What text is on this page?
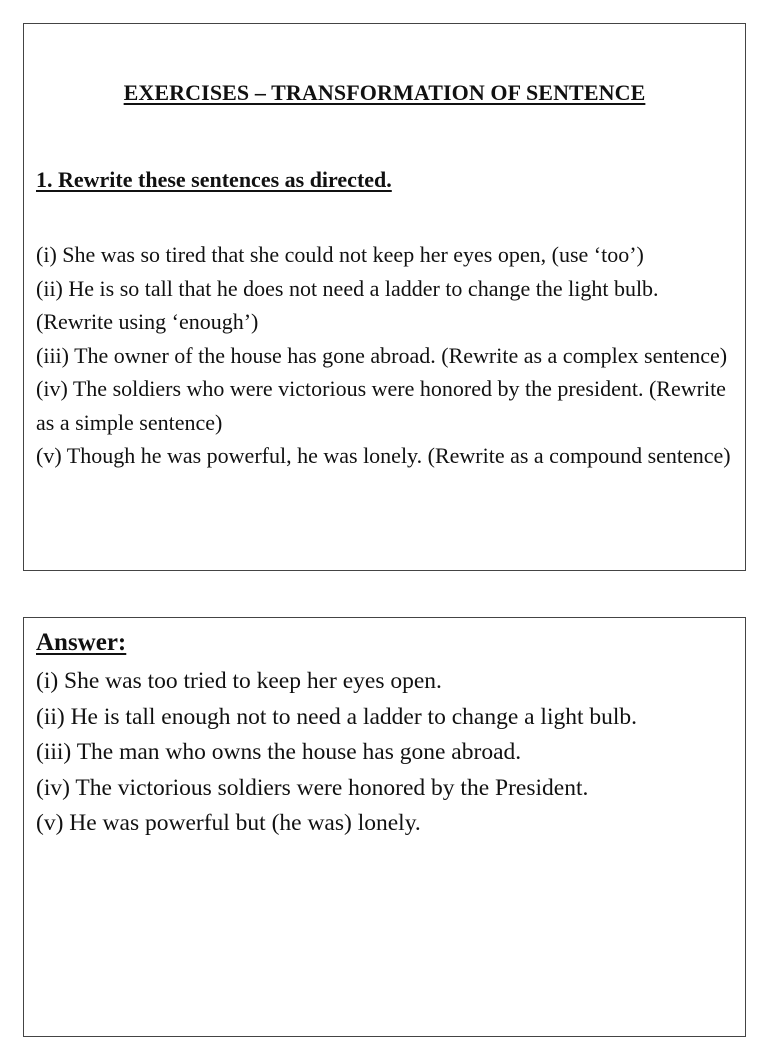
EXERCISES – TRANSFORMATION OF SENTENCE
1. Rewrite these sentences as directed.
(i) She was so tired that she could not keep her eyes open, (use ‘too’)
(ii) He is so tall that he does not need a ladder to change the light bulb. (Rewrite using ‘enough’)
(iii) The owner of the house has gone abroad. (Rewrite as a complex sentence)
(iv) The soldiers who were victorious were honored by the president. (Rewrite as a simple sentence)
(v) Though he was powerful, he was lonely. (Rewrite as a compound sentence)
Answer:
(i) She was too tried to keep her eyes open.
(ii) He is tall enough not to need a ladder to change a light bulb.
(iii) The man who owns the house has gone abroad.
(iv) The victorious soldiers were honored by the President.
(v) He was powerful but (he was) lonely.
